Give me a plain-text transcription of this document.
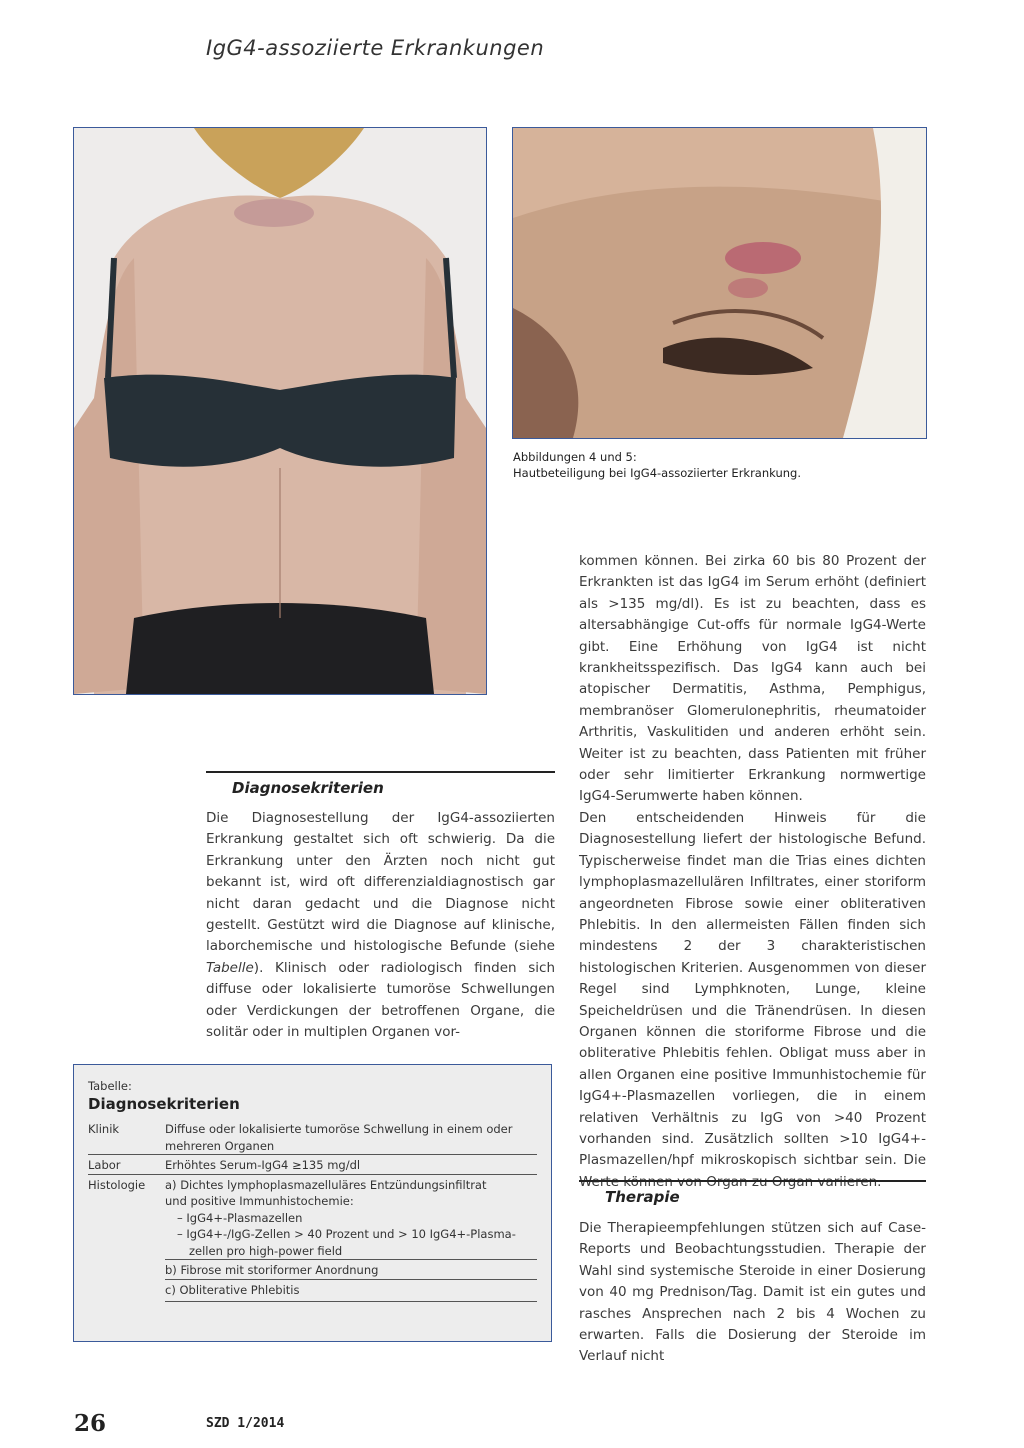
IgG4-assoziierte Erkrankungen
Abbildungen 4 und 5:
Hautbeteiligung bei IgG4-assoziierter Erkrankung.

kommen können. Bei zirka 60 bis 80 Prozent der Erkrankten ist das IgG4 im Serum erhöht (definiert als >135 mg/dl). Es ist zu beachten, dass es altersabhängige Cut-offs für normale IgG4-Werte gibt. Eine Erhöhung von IgG4 ist nicht krankheitsspezifisch. Das IgG4 kann auch bei atopischer Dermatitis, Asthma, Pemphigus, membranöser Glomerulonephritis, rheumatoider Arthritis, Vaskulitiden und anderen erhöht sein. Weiter ist zu beachten, dass Patienten mit früher oder sehr limitierter Erkrankung normwertige IgG4-Serumwerte haben können.

Den entscheidenden Hinweis für die Diagnosestellung liefert der histologische Befund. Typischerweise findet man die Trias eines dichten lymphoplasmazellulären Infiltrates, einer storiform angeordneten Fibrose sowie einer obliterativen Phlebitis. In den allermeisten Fällen finden sich mindestens 2 der 3 charakteristischen histologischen Kriterien. Ausgenommen von dieser Regel sind Lymphknoten, Lunge, kleine Speicheldrüsen und die Tränendrüsen. In diesen Organen können die storiforme Fibrose und die obliterative Phlebitis fehlen. Obligat muss aber in allen Organen eine positive Immunhistochemie für IgG4+-Plasmazellen vorliegen, die in einem relativen Verhältnis zu IgG von >40 Prozent vorhanden sind. Zusätzlich sollten >10 IgG4+-Plasmazellen/hpf mikroskopisch sichtbar sein. Die Werte können von Organ zu Organ variieren.

Diagnosekriterien

Die Diagnosestellung der IgG4-assoziierten Erkrankung gestaltet sich oft schwierig. Da die Erkrankung unter den Ärzten noch nicht gut bekannt ist, wird oft differenzialdiagnostisch gar nicht daran gedacht und die Diagnose nicht gestellt. Gestützt wird die Diagnose auf klinische, laborchemische und histologische Befunde (siehe Tabelle). Klinisch oder radiologisch finden sich diffuse oder lokalisierte tumoröse Schwellungen oder Verdickungen der betroffenen Organe, die solitär oder in multiplen Organen vor-

Therapie

Die Therapieempfehlungen stützen sich auf Case-Reports und Beobachtungsstudien. Therapie der Wahl sind systemische Steroide in einer Dosierung von 40 mg Prednison/Tag. Damit ist ein gutes und rasches Ansprechen nach 2 bis 4 Wochen zu erwarten. Falls die Dosierung der Steroide im Verlauf nicht

Tabelle:
Diagnosekriterien
Klinik	Diffuse oder lokalisierte tumoröse Schwellung in einem oder
mehreren Organen
Labor	Erhöhtes Serum-IgG4 ≥135 mg/dl
Histologie	a) Dichtes lymphoplasmazelluläres Entzündungsinfiltrat
und positive Immunhistochemie:
– IgG4+-Plasmazellen
– IgG4+-/IgG-Zellen > 40 Prozent und > 10 IgG4+-Plasma-
zellen pro high-power field
b) Fibrose mit storiformer Anordnung
c) Obliterative Phlebitis
26	SZD 1/2014
